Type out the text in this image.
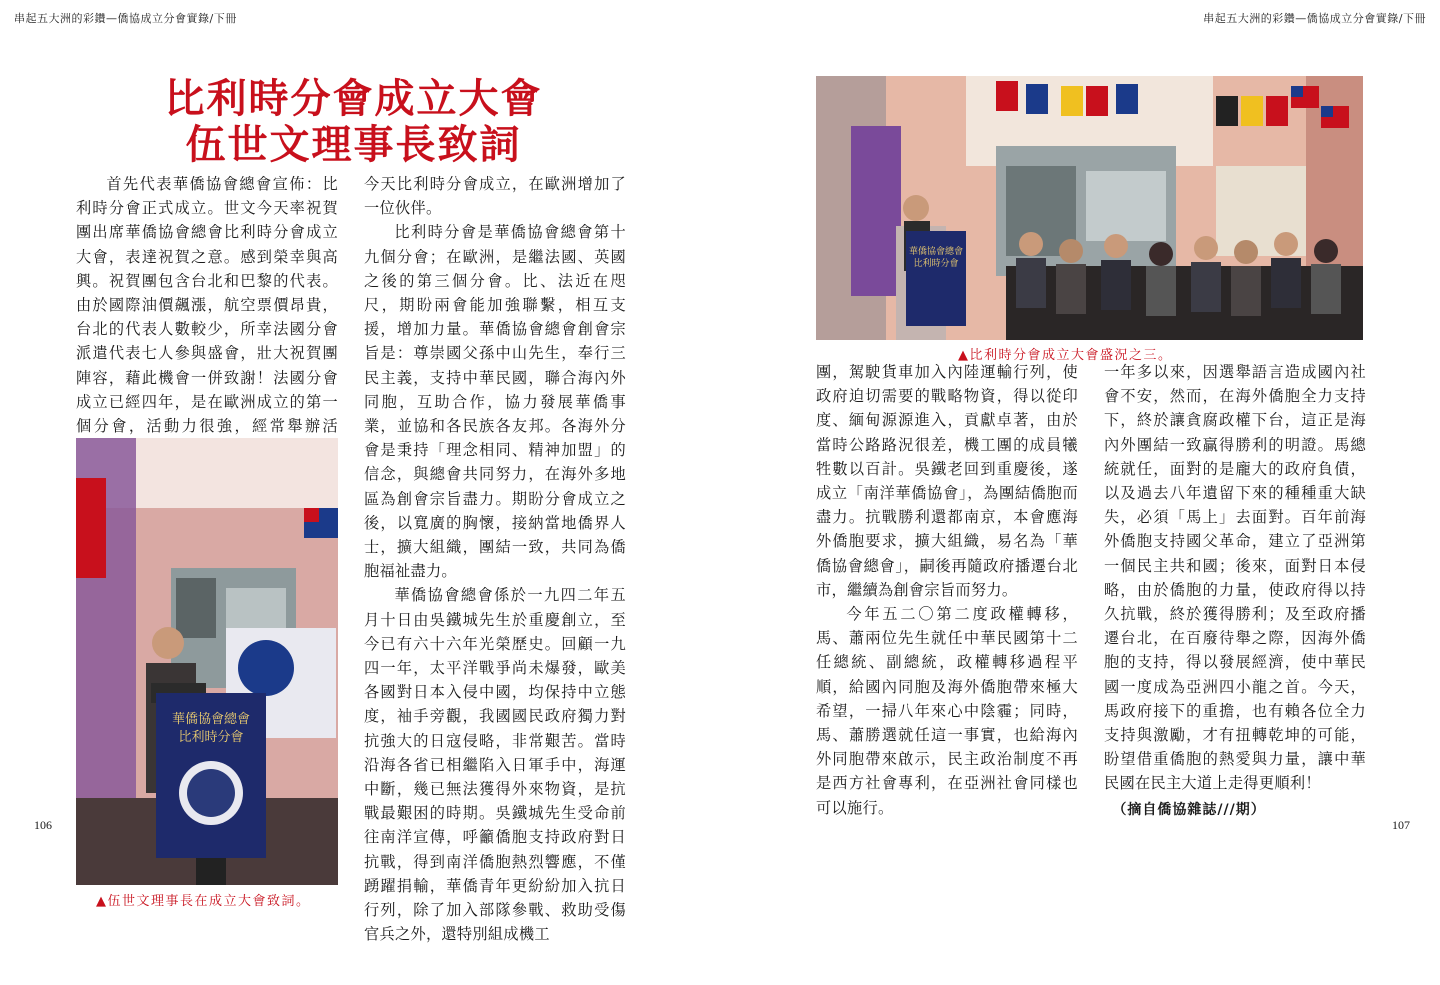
串起五大洲的彩鑽—僑協成立分會實錄/下冊
比利時分會成立大會
伍世文理事長致詞

首先代表華僑協會總會宣佈：比利時分會正式成立。世文今天率祝賀團出席華僑協會總會比利時分會成立大會，表達祝賀之意。感到榮幸與高興。祝賀團包含台北和巴黎的代表。由於國際油價飆漲，航空票價昂貴，台北的代表人數較少，所幸法國分會派遣代表七人參與盛會，壯大祝賀團陣容，藉此機會一併致謝！法國分會成立已經四年，是在歐洲成立的第一個分會，活動力很強，經常舉辦活

今天比利時分會成立，在歐洲增加了一位伙伴。

比利時分會是華僑協會總會第十九個分會；在歐洲，是繼法國、英國之後的第三個分會。比、法近在咫尺，期盼兩會能加強聯繫，相互支援，增加力量。華僑協會總會創會宗旨是：尊崇國父孫中山先生，奉行三民主義，支持中華民國，聯合海內外同胞，互助合作，協力發展華僑事業，並協和各民族各友邦。各海外分會是秉持「理念相同、精神加盟」的信念，與總會共同努力，在海外多地區為創會宗旨盡力。期盼分會成立之後，以寬廣的胸懷，接納當地僑界人士，擴大組織，團結一致，共同為僑胞福祉盡力。

華僑協會總會係於一九四二年五月十日由吳鐵城先生於重慶創立，至今已有六十六年光榮歷史。回顧一九四一年，太平洋戰爭尚未爆發，歐美各國對日本入侵中國，均保持中立態度，袖手旁觀，我國國民政府獨力對抗強大的日寇侵略，非常艱苦。當時沿海各省已相繼陷入日軍手中，海運中斷，幾已無法獲得外來物資，是抗戰最艱困的時期。吳鐵城先生受命前往南洋宣傳，呼籲僑胞支持政府對日抗戰，得到南洋僑胞熱烈響應，不僅踴躍捐輸，華僑青年更紛紛加入抗日行列，除了加入部隊參戰、救助受傷官兵之外，還特別組成機工

華僑協會總會
比利時分會
▲伍世文理事長在成立大會致詞。
106
串起五大洲的彩鑽—僑協成立分會實錄/下冊
華僑協會總會
比利時分會
▲比利時分會成立大會盛況之三。

團，駕駛貨車加入內陸運輸行列，使政府迫切需要的戰略物資，得以從印度、緬甸源源進入，貢獻卓著，由於當時公路路況很差，機工團的成員犧牲數以百計。吳鐵老回到重慶後，遂成立「南洋華僑協會」，為團結僑胞而盡力。抗戰勝利還都南京，本會應海外僑胞要求，擴大組織，易名為「華僑協會總會」，嗣後再隨政府播遷台北市，繼續為創會宗旨而努力。

今年五二〇第二度政權轉移，馬、蕭兩位先生就任中華民國第十二任總統、副總統，政權轉移過程平順，給國內同胞及海外僑胞帶來極大希望，一掃八年來心中陰霾；同時，馬、蕭勝選就任這一事實，也給海內外同胞帶來啟示，民主政治制度不再是西方社會專利，在亞洲社會同樣也可以施行。

一年多以來，因選舉語言造成國內社會不安，然而，在海外僑胞全力支持下，終於讓貪腐政權下台，這正是海內外團結一致贏得勝利的明證。馬總統就任，面對的是龐大的政府負債，以及過去八年遺留下來的種種重大缺失，必須「馬上」去面對。百年前海外僑胞支持國父革命，建立了亞洲第一個民主共和國；後來，面對日本侵略，由於僑胞的力量，使政府得以持久抗戰，終於獲得勝利；及至政府播遷台北，在百廢待舉之際，因海外僑胞的支持，得以發展經濟，使中華民國一度成為亞洲四小龍之首。今天，馬政府接下的重擔，也有賴各位全力支持與激勵，才有扭轉乾坤的可能，盼望借重僑胞的熱愛與力量，讓中華民國在民主大道上走得更順利！

（摘自僑協雜誌///期）
107
